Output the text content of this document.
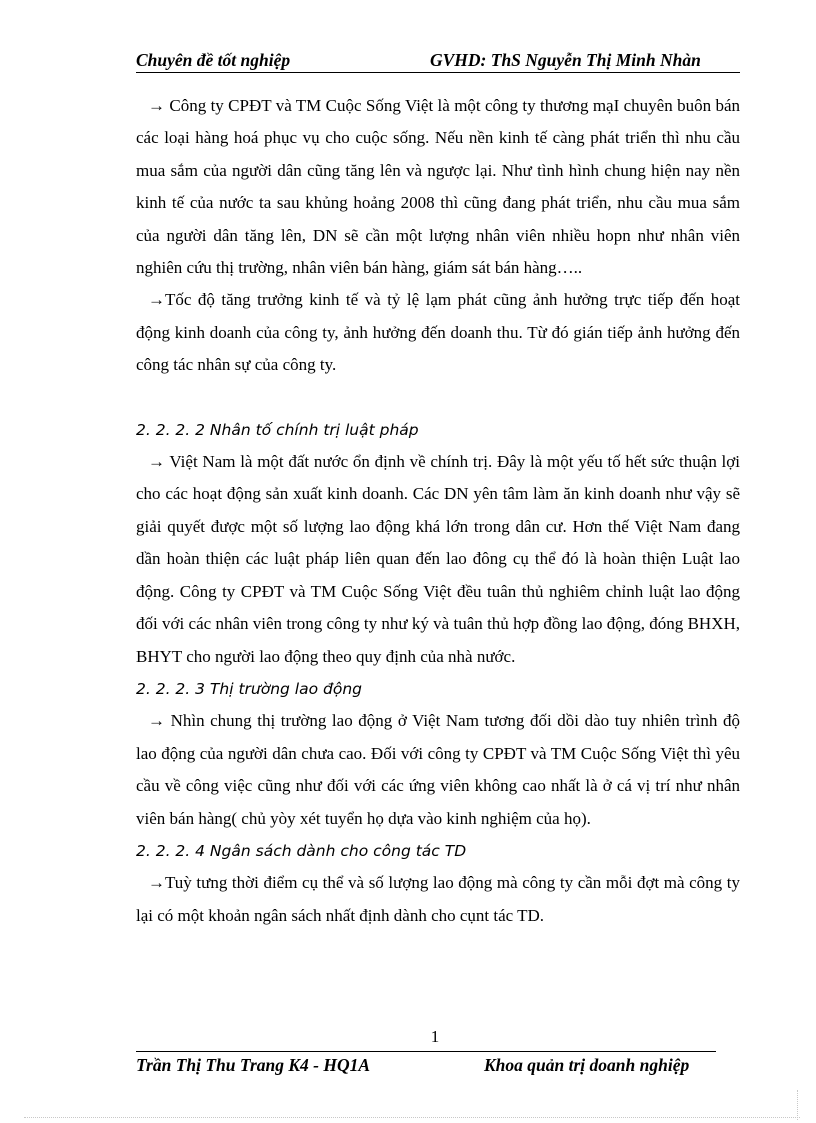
Chuyên đề tốt nghiệp	GVHD: ThS Nguyễn Thị Minh Nhàn

→ Công ty CPĐT và TM Cuộc Sống Việt là một công ty thương mạI chuyên buôn bán các loại hàng hoá phục vụ cho cuộc sống. Nếu nền kinh tế càng phát triển thì nhu cầu mua sắm của người dân cũng tăng lên và ngược lại. Như tình hình chung hiện nay nền kinh tế của nước ta sau khủng hoảng 2008 thì cũng đang phát triển, nhu cầu mua sắm của người dân tăng lên, DN sẽ cần một lượng nhân viên nhiều hopn như nhân viên nghiên cứu thị trường, nhân viên bán hàng, giám sát bán hàng…..

→Tốc độ tăng trưởng kinh tế và tỷ lệ lạm phát cũng ảnh hưởng trực tiếp đến hoạt động kinh doanh của công ty, ảnh hưởng đến doanh thu. Từ đó gián tiếp ảnh hưởng đến công tác nhân sự của công ty.

2. 2. 2. 2 Nhân tố chính trị luật pháp

→ Việt Nam là một đất nước ổn định về chính trị. Đây là một yếu tố hết sức thuận lợi cho các hoạt động sản xuất kinh doanh. Các DN yên tâm làm ăn kinh doanh như vậy sẽ giải quyết được một số lượng lao động khá lớn trong dân cư. Hơn thế Việt Nam đang dần hoàn thiện các luật pháp liên quan đến lao đông cụ thể đó là hoàn thiện Luật lao động. Công ty CPĐT và TM Cuộc Sống Việt đều tuân thủ nghiêm chỉnh luật lao động đối với các nhân viên trong công ty như ký và tuân thủ hợp đồng lao động, đóng BHXH, BHYT cho người lao động theo quy định của nhà nước.

2. 2. 2. 3 Thị trường lao động

→ Nhìn chung thị trường lao động ở Việt Nam tương đối dồi dào tuy nhiên trình độ lao động của người dân chưa cao. Đối với công ty CPĐT và TM Cuộc Sống Việt thì yêu cầu về công việc cũng như đối với các ứng viên không cao nhất là ở cá vị trí như nhân viên bán hàng( chủ yòy xét tuyển họ dựa vào kinh nghiệm của họ).

2. 2. 2. 4 Ngân sách dành cho công tác TD

→Tuỳ tưng thời điểm cụ thể và số lượng lao động mà công ty cần mỗi đợt mà công ty lại có một khoản ngân sách nhất định dành cho cụnt tác TD.

1
Trần Thị Thu Trang K4 - HQ1A	Khoa quản trị doanh nghiệp
